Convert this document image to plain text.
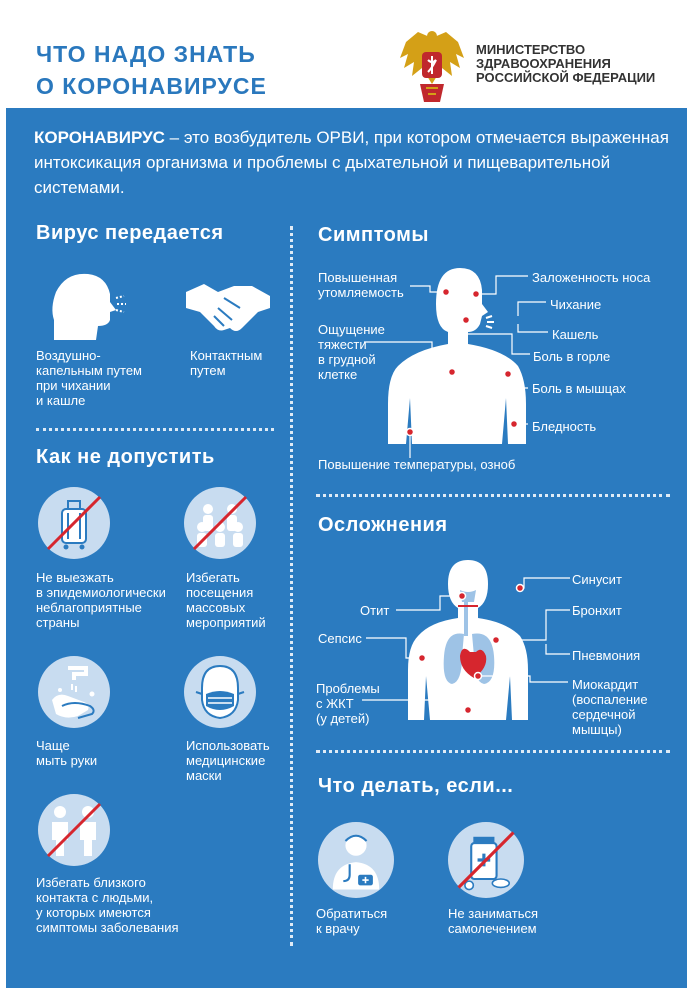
ЧТО НАДО ЗНАТЬ
О КОРОНАВИРУСЕ
МИНИСТЕРСТВО
ЗДРАВООХРАНЕНИЯ
РОССИЙСКОЙ ФЕДЕРАЦИИ
КОРОНАВИРУС – это возбудитель ОРВИ, при котором отмечается выраженная интоксикация организма и проблемы с дыхательной и пищеварительной системами.
Вирус передается
Воздушно-
капельным путем
при чихании
и кашле
Контактным
путем
Как не допустить
Не выезжать
в эпидемиологически
неблагоприятные
страны
Избегать
посещения
массовых
мероприятий
Чаще
мыть руки
Использовать
медицинские
маски
Избегать близкого
контакта с людьми,
у которых имеются
симптомы заболевания
Симптомы
Повышенная
утомляемость
Ощущение
тяжести
в грудной
клетке
Заложенность носа
Чихание
Кашель
Боль в горле
Боль в мышцах
Бледность
Повышение температуры, озноб
Осложнения
Синусит
Отит	Бронхит
Сепсис
Пневмония
Проблемы
с ЖКТ
(у детей)
Миокардит
(воспаление
сердечной
мышцы)
Что делать, если...
Обратиться
к врачу
Не заниматься
самолечением
